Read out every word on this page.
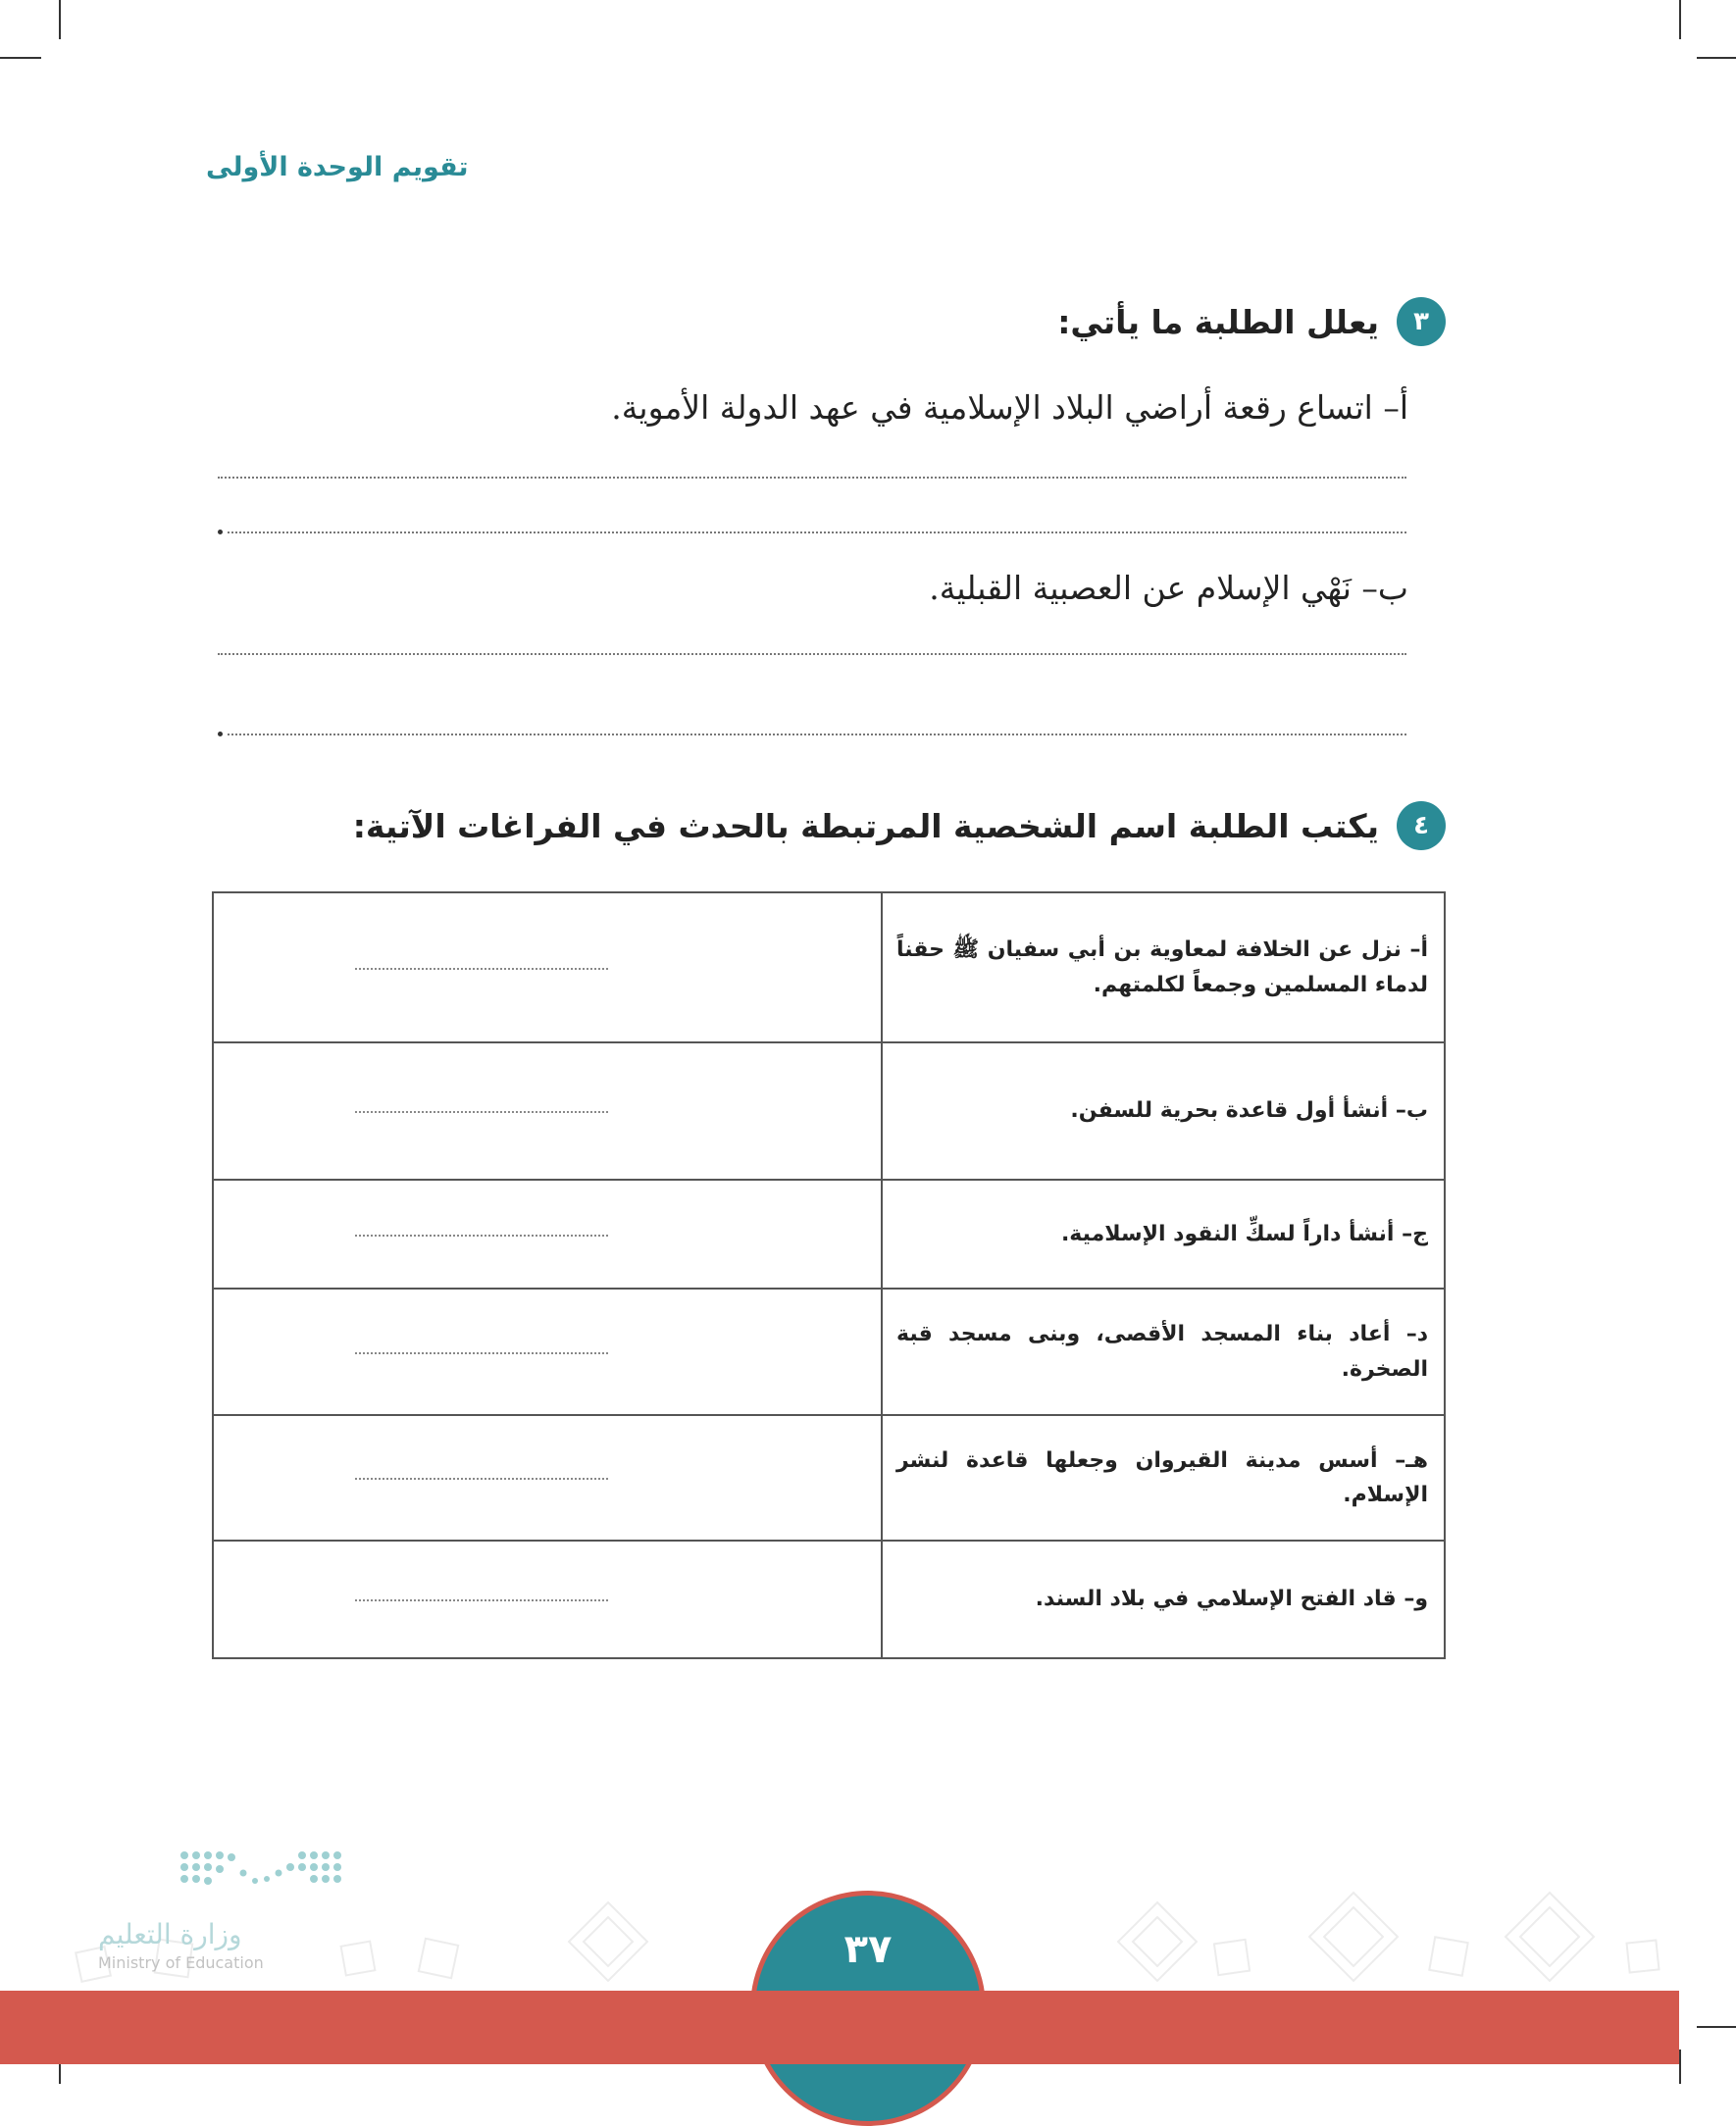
تقويم الوحدة الأولى
٣
يعلل الطلبة ما يأتي:
أ– اتساع رقعة أراضي البلاد الإسلامية في عهد الدولة الأموية.
ب– نَهْي الإسلام عن العصبية القبلية.
٤
يكتب الطلبة اسم الشخصية المرتبطة بالحدث في الفراغات الآتية:
أ– نزل عن الخلافة لمعاوية بن أبي سفيان ﷺ حقناً لدماء المسلمين وجمعاً لكلمتهم.	

ب– أنشأ أول قاعدة بحرية للسفن.	

ج– أنشأ داراً لسكِّ النقود الإسلامية.	

د– أعاد بناء المسجد الأقصى، وبنى مسجد قبة الصخرة.	

هـ– أسس مدينة القيروان وجعلها قاعدة لنشر الإسلام.	

و– قاد الفتح الإسلامي في بلاد السند.	
وزارة التعليم
Ministry of Education	٣٧
